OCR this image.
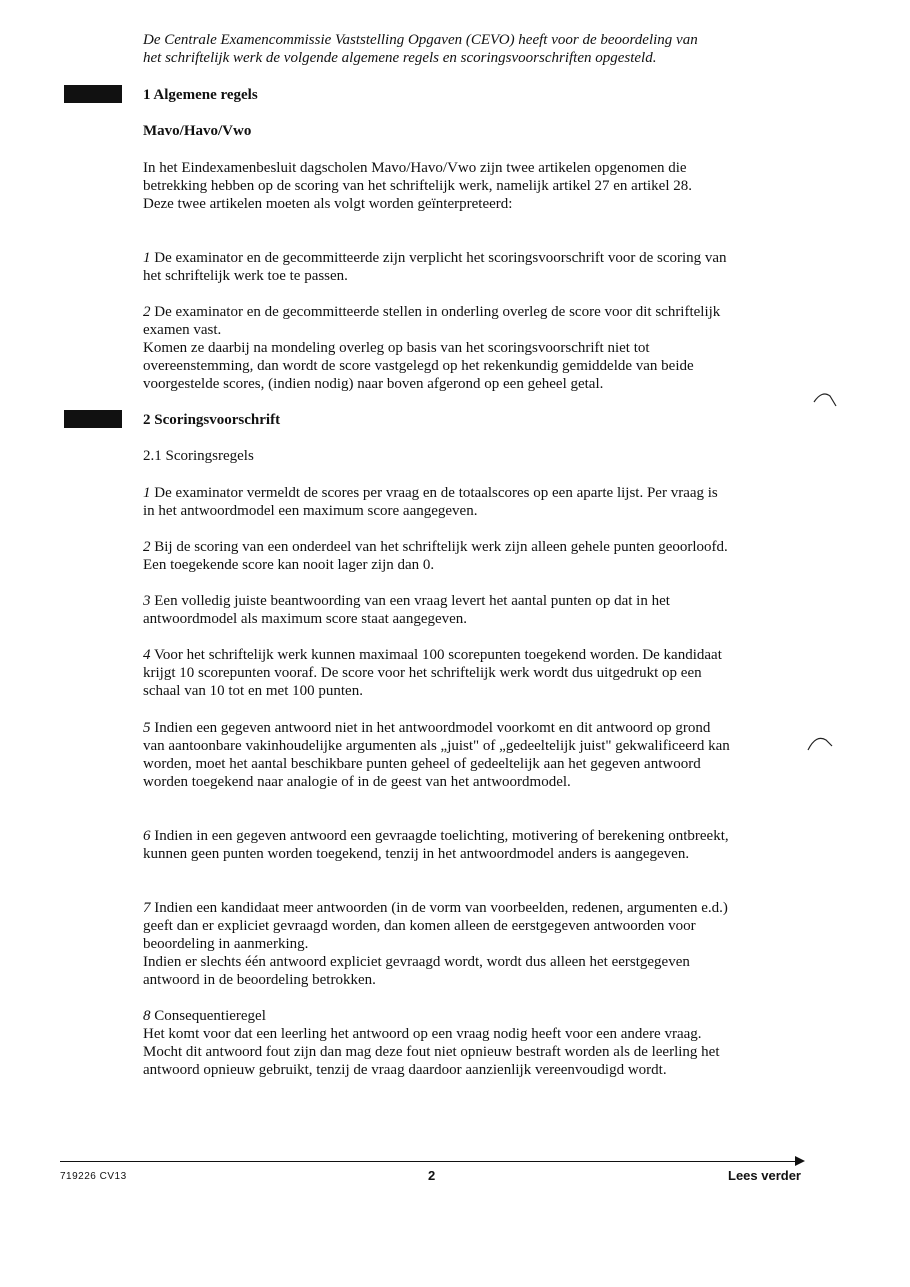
De Centrale Examencommissie Vaststelling Opgaven (CEVO) heeft voor de beoordeling van
het schriftelijk werk de volgende algemene regels en scoringsvoorschriften opgesteld.
1 Algemene regels
Mavo/Havo/Vwo
In het Eindexamenbesluit dagscholen Mavo/Havo/Vwo zijn twee artikelen opgenomen die betrekking hebben op de scoring van het schriftelijk werk, namelijk artikel 27 en artikel 28.
Deze twee artikelen moeten als volgt worden geïnterpreteerd:
1 De examinator en de gecommitteerde zijn verplicht het scoringsvoorschrift voor de scoring van het schriftelijk werk toe te passen.
2 De examinator en de gecommitteerde stellen in onderling overleg de score voor dit schriftelijk examen vast.
Komen ze daarbij na mondeling overleg op basis van het scoringsvoorschrift niet tot overeenstemming, dan wordt de score vastgelegd op het rekenkundig gemiddelde van beide voorgestelde scores, (indien nodig) naar boven afgerond op een geheel getal.
2 Scoringsvoorschrift
2.1 Scoringsregels
1 De examinator vermeldt de scores per vraag en de totaalscores op een aparte lijst. Per vraag is in het antwoordmodel een maximum score aangegeven.
2 Bij de scoring van een onderdeel van het schriftelijk werk zijn alleen gehele punten geoorloofd. Een toegekende score kan nooit lager zijn dan 0.
3 Een volledig juiste beantwoording van een vraag levert het aantal punten op dat in het antwoordmodel als maximum score staat aangegeven.
4 Voor het schriftelijk werk kunnen maximaal 100 scorepunten toegekend worden. De kandidaat krijgt 10 scorepunten vooraf. De score voor het schriftelijk werk wordt dus uitgedrukt op een schaal van 10 tot en met 100 punten.
5 Indien een gegeven antwoord niet in het antwoordmodel voorkomt en dit antwoord op grond van aantoonbare vakinhoudelijke argumenten als „juist" of „gedeeltelijk juist" gekwalificeerd kan worden, moet het aantal beschikbare punten geheel of gedeeltelijk aan het gegeven antwoord worden toegekend naar analogie of in de geest van het antwoordmodel.
6 Indien in een gegeven antwoord een gevraagde toelichting, motivering of berekening ontbreekt, kunnen geen punten worden toegekend, tenzij in het antwoordmodel anders is aangegeven.
7 Indien een kandidaat meer antwoorden (in de vorm van voorbeelden, redenen, argumenten e.d.) geeft dan er expliciet gevraagd worden, dan komen alleen de eerstgegeven antwoorden voor beoordeling in aanmerking.
Indien er slechts één antwoord expliciet gevraagd wordt, wordt dus alleen het eerstgegeven antwoord in de beoordeling betrokken.
8 Consequentieregel
Het komt voor dat een leerling het antwoord op een vraag nodig heeft voor een andere vraag. Mocht dit antwoord fout zijn dan mag deze fout niet opnieuw bestraft worden als de leerling het antwoord opnieuw gebruikt, tenzij de vraag daardoor aanzienlijk vereenvoudigd wordt.
719226 CV13	2	Lees verder
